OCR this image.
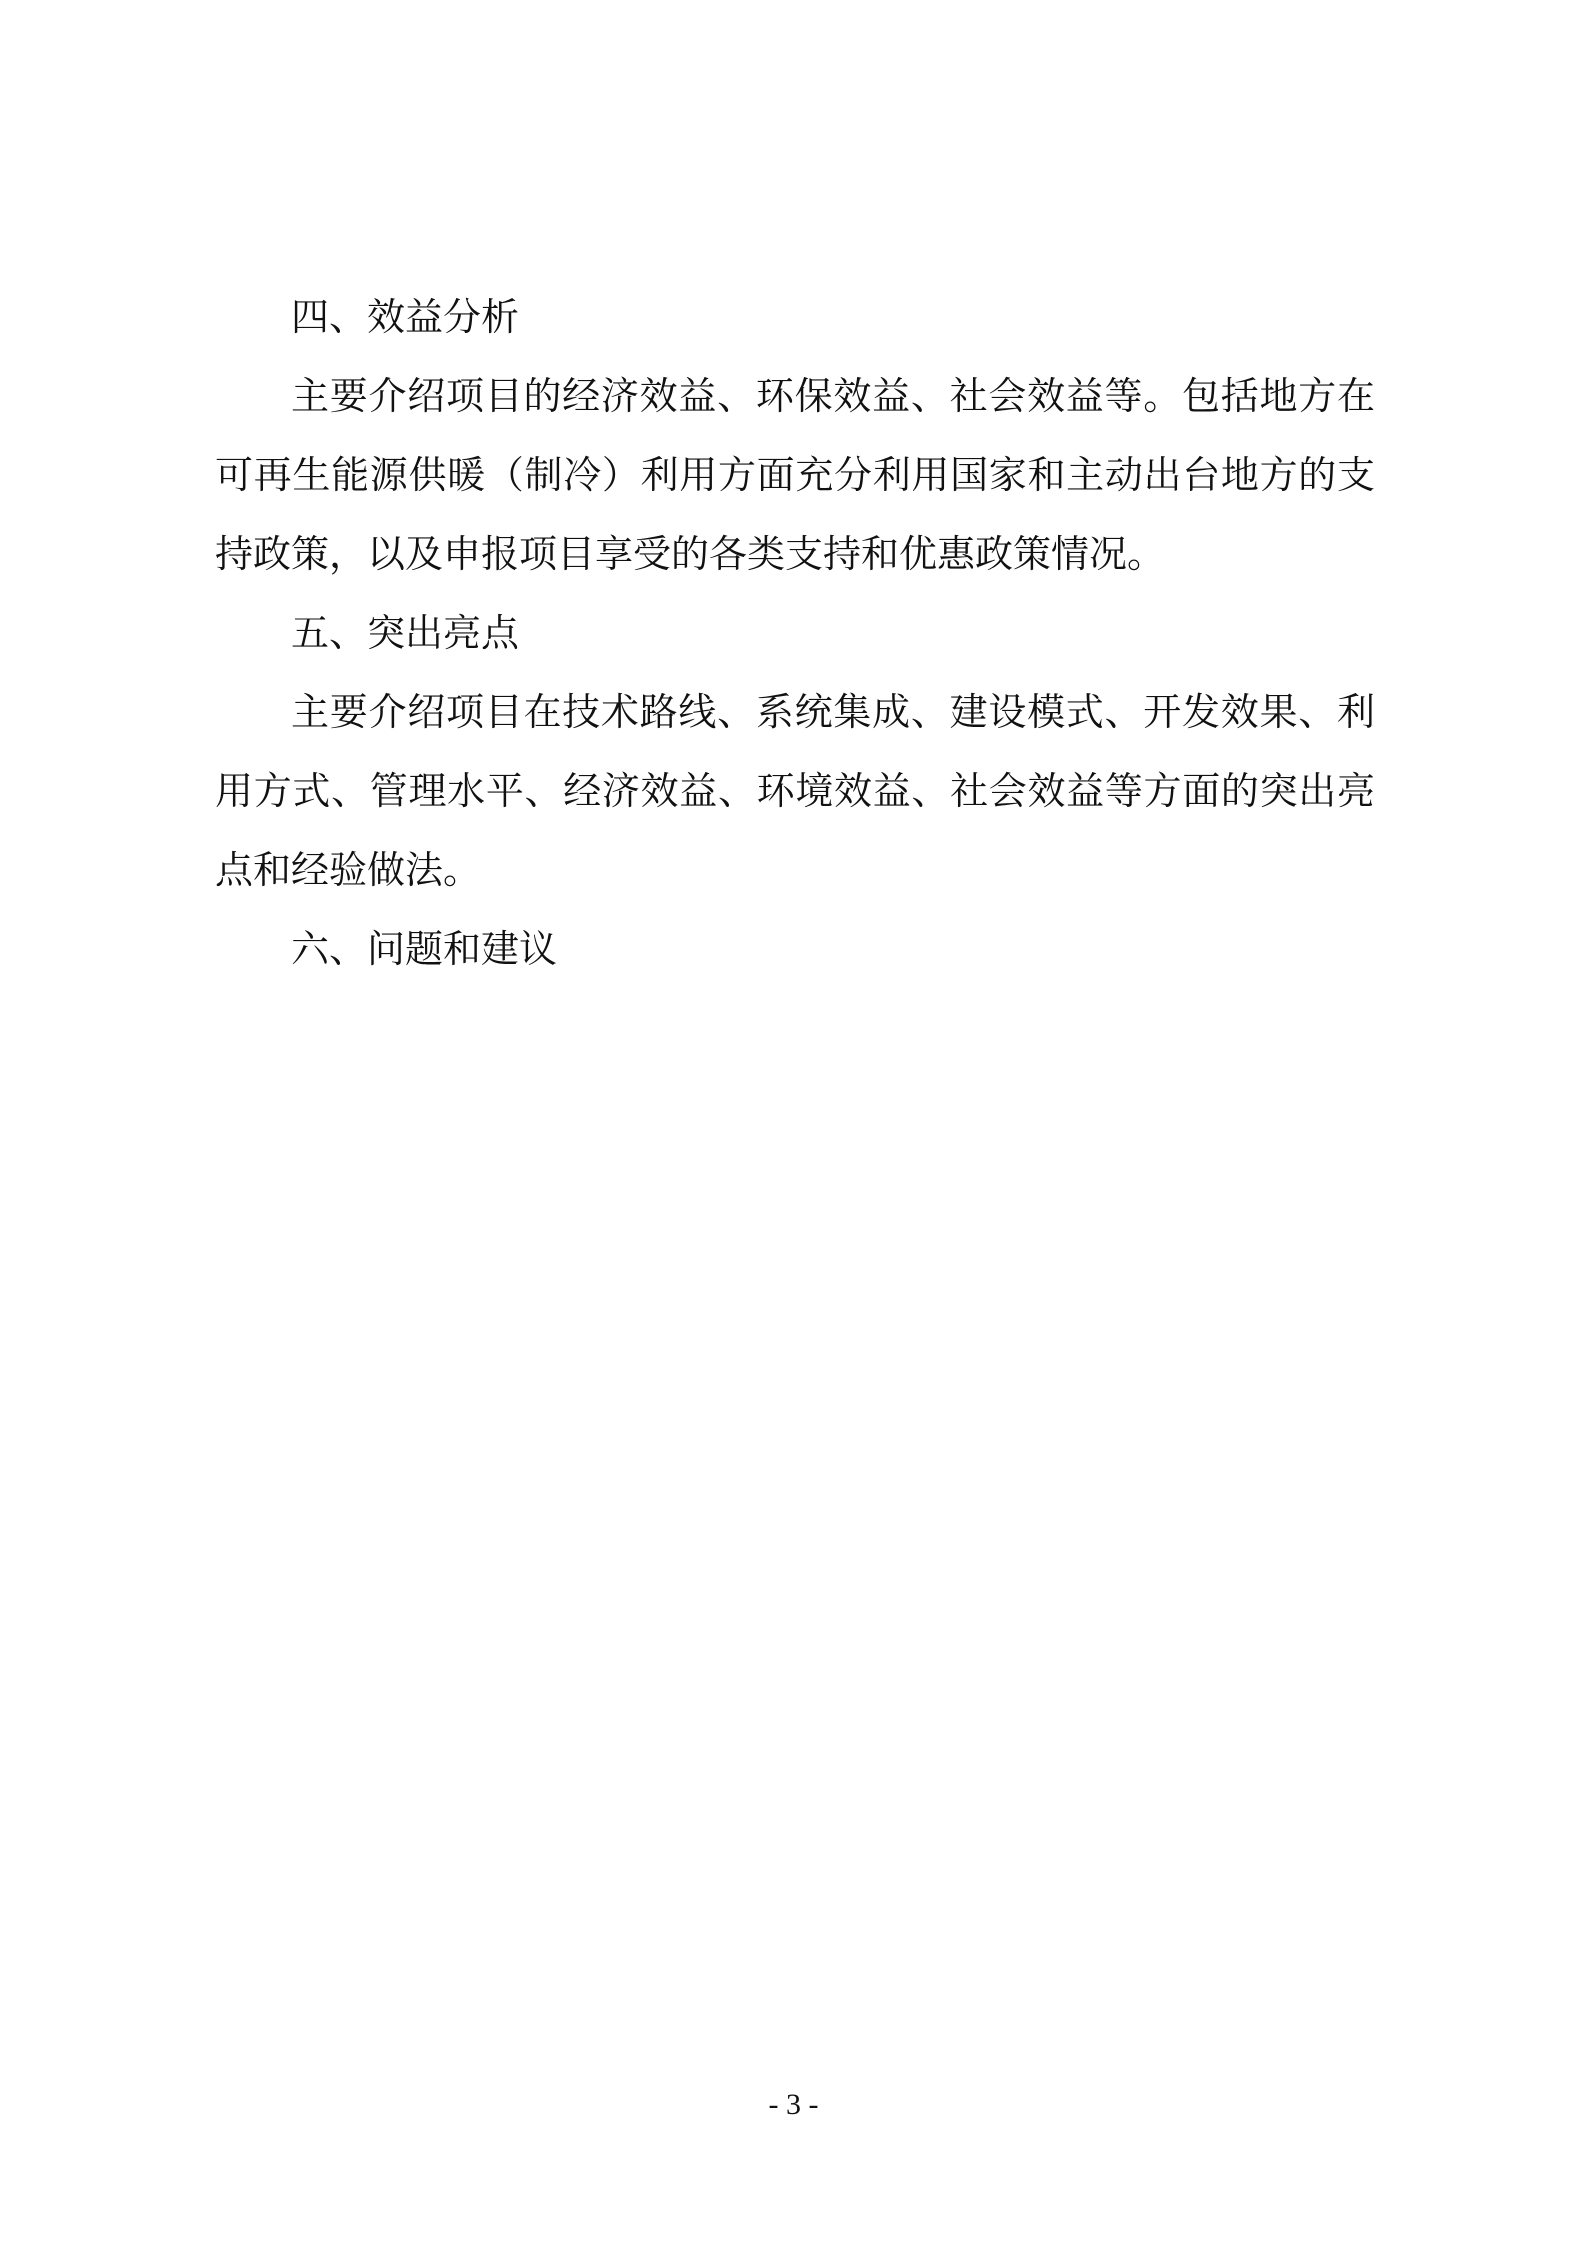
四、效益分析

主要介绍项目的经济效益、环保效益、社会效益等。包括地方在可再生能源供暖（制冷）利用方面充分利用国家和主动出台地方的支持政策，以及申报项目享受的各类支持和优惠政策情况。

五、突出亮点

主要介绍项目在技术路线、系统集成、建设模式、开发效果、利用方式、管理水平、经济效益、环境效益、社会效益等方面的突出亮点和经验做法。

六、问题和建议

- 3 -
